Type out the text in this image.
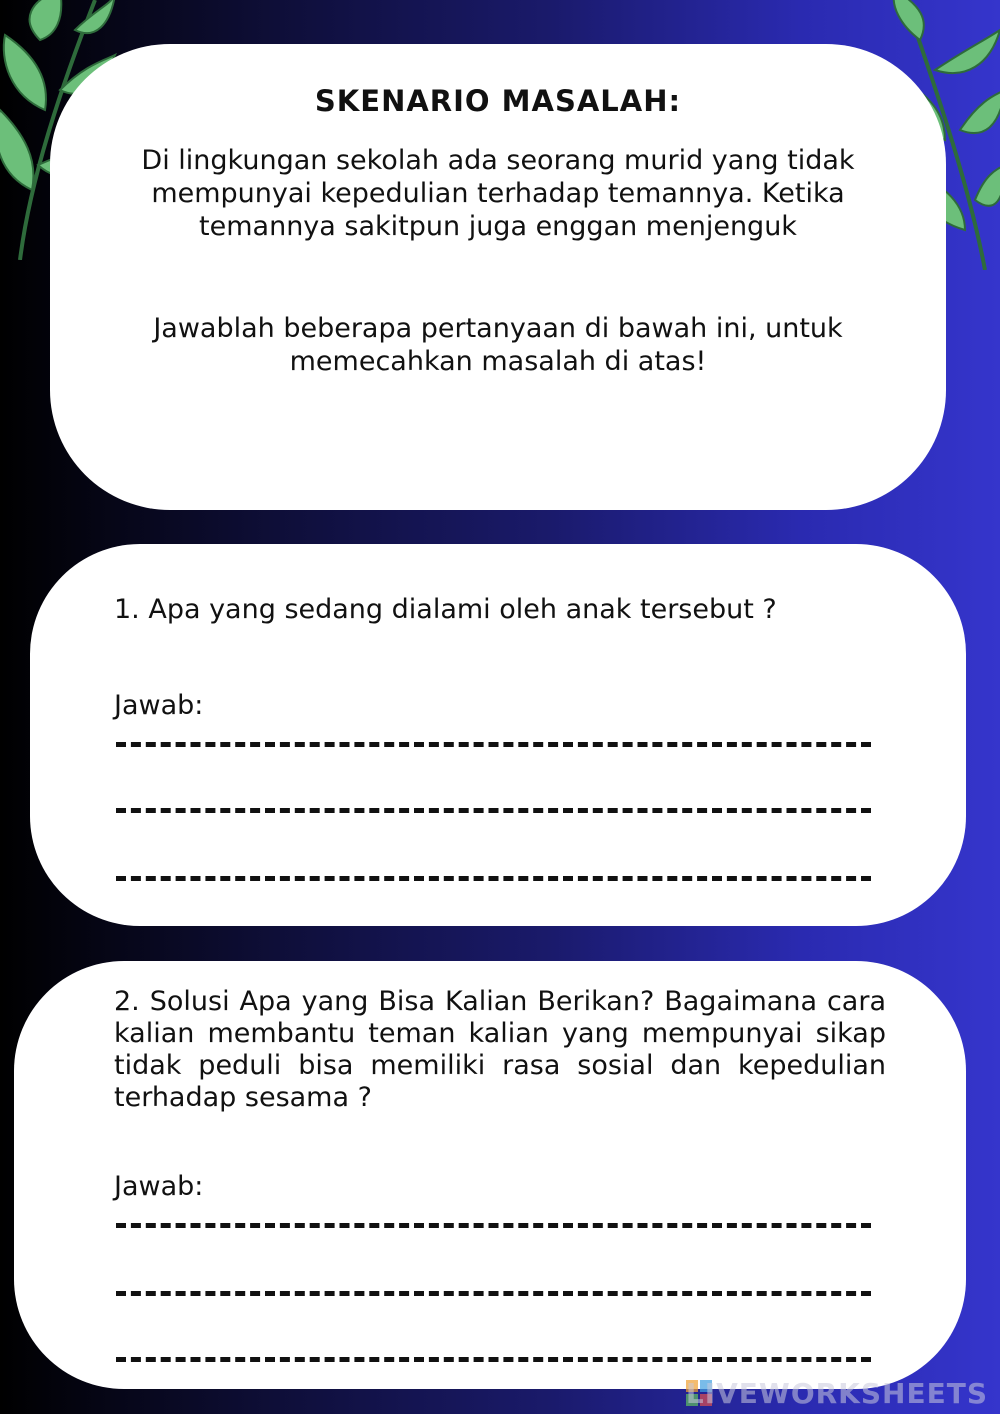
SKENARIO MASALAH:
Di lingkungan sekolah ada seorang murid yang tidak mempunyai kepedulian terhadap temannya. Ketika temannya sakitpun juga enggan menjenguk
Jawablah beberapa pertanyaan di bawah ini, untuk memecahkan masalah di atas!
1. Apa yang sedang dialami oleh anak tersebut ?
Jawab:
2. Solusi Apa yang Bisa Kalian Berikan? Bagaimana cara kalian membantu teman kalian yang mempunyai sikap tidak peduli bisa memiliki rasa sosial dan kepedulian terhadap sesama ?
Jawab:
LIVEWORKSHEETS
